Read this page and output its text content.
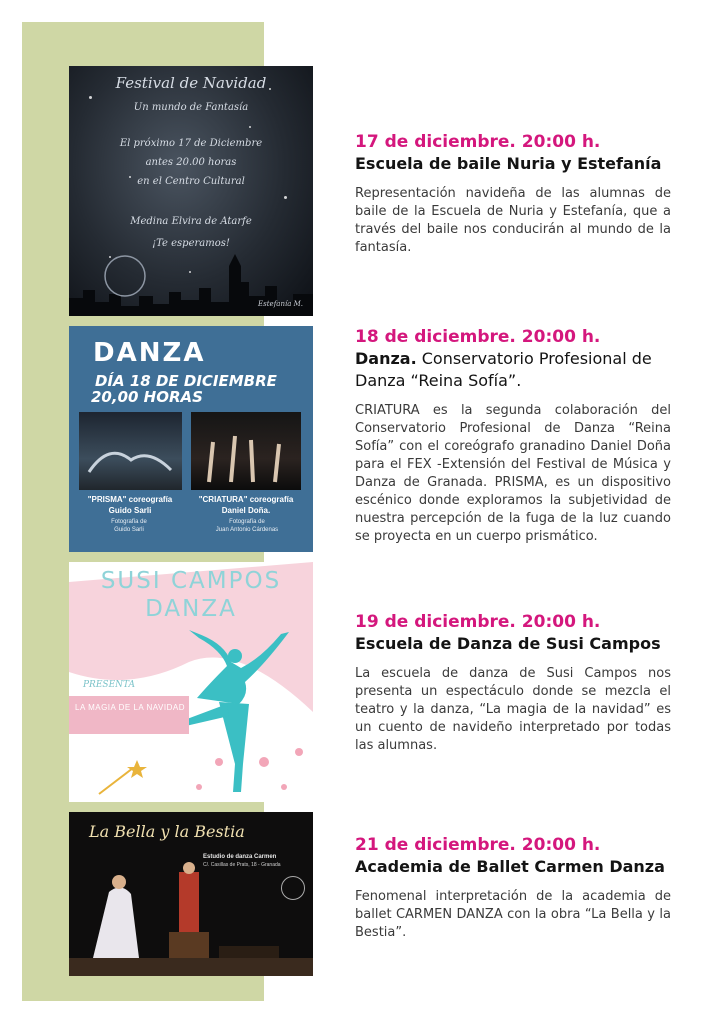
Festival de Navidad
Un mundo de Fantasía
El próximo 17 de Diciembre
antes 20.00 horas
en el Centro Cultural
Medina Elvira de Atarfe
¡Te esperamos!
Estefanía M.
DANZA
DÍA 18 DE DICIEMBRE
20,00 HORAS
"PRISMA" coreografía
Guido Sarli
"CRIATURA" coreografía
Daniel Doña.
Fotografía de
Guido Sarli
Fotografía de
Juan Antonio Cárdenas
SUSI CAMPOS
DANZA
PRESENTA
LA MAGIA DE LA NAVIDAD
La Bella y la Bestia
Estudio de danza Carmen
C/. Casillas de Prats, 18 - Granada
17 de diciembre. 20:00 h.
Escuela de baile Nuria y Estefanía
Representación navideña de las alumnas de baile de la Escuela de Nuria y Estefanía, que a través del baile nos conducirán al mundo de la fantasía.
18 de diciembre. 20:00 h.
Danza. Conservatorio Profesional de Danza “Reina Sofía”.
CRIATURA es la segunda colaboración del Conservatorio Profesional de Danza “Reina Sofía” con el coreógrafo granadino Daniel Doña para el FEX -Extensión del Festival de Música y Danza de Granada. PRISMA, es un dispositivo escénico donde exploramos la subjetividad de nuestra percepción de la fuga de la luz cuando se proyecta en un cuerpo prismático.
19 de diciembre. 20:00 h.
Escuela de Danza de Susi Campos
La escuela de danza de Susi Campos nos presenta un espectáculo donde se mezcla el teatro y la danza, “La magia de la navidad” es un cuento de navideño interpretado por todas las alumnas.
21 de diciembre. 20:00 h.
Academia de Ballet Carmen Danza
Fenomenal interpretación de la academia de ballet CARMEN DANZA con la obra “La Bella y la Bestia”.
